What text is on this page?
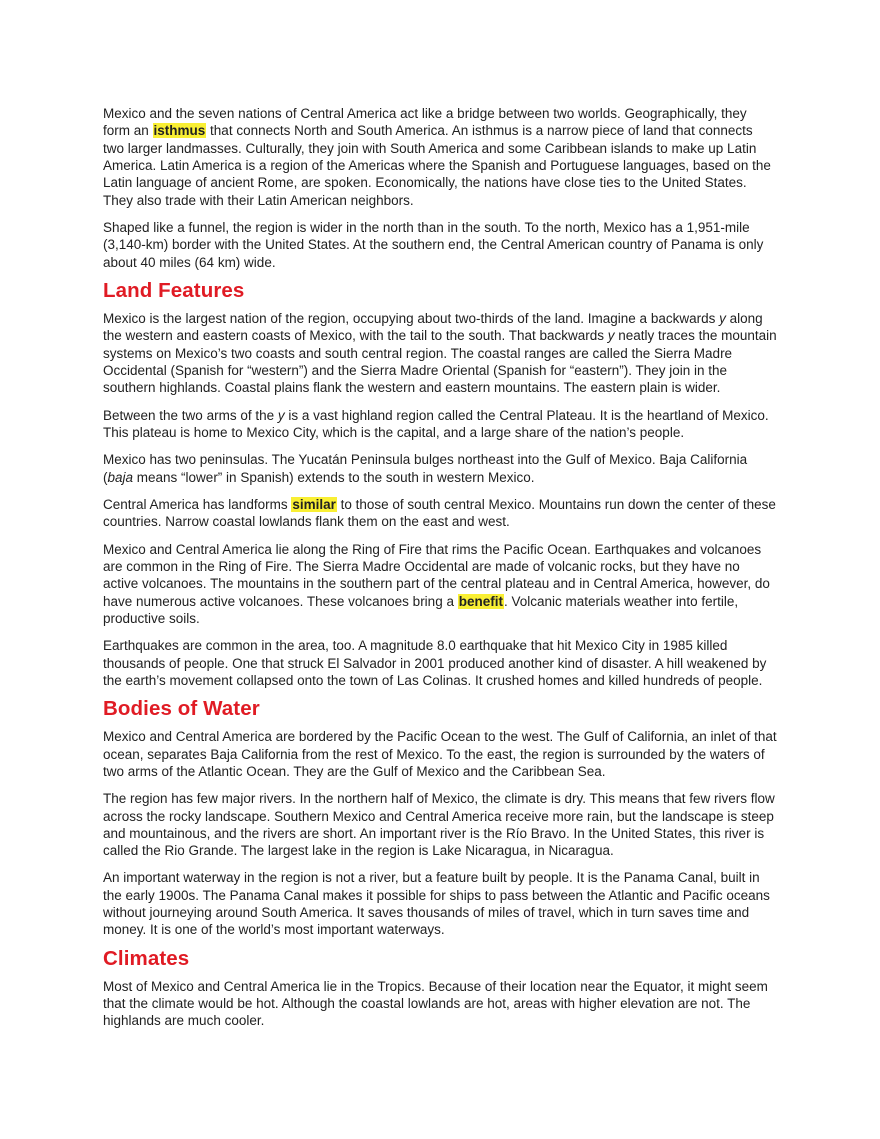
Mexico and the seven nations of Central America act like a bridge between two worlds. Geographically, they form an isthmus that connects North and South America. An isthmus is a narrow piece of land that connects two larger landmasses. Culturally, they join with South America and some Caribbean islands to make up Latin America. Latin America is a region of the Americas where the Spanish and Portuguese languages, based on the Latin language of ancient Rome, are spoken. Economically, the nations have close ties to the United States. They also trade with their Latin American neighbors.

Shaped like a funnel, the region is wider in the north than in the south. To the north, Mexico has a 1,951-mile (3,140-km) border with the United States. At the southern end, the Central American country of Panama is only about 40 miles (64 km) wide.

Land Features

Mexico is the largest nation of the region, occupying about two-thirds of the land. Imagine a backwards y along the western and eastern coasts of Mexico, with the tail to the south. That backwards y neatly traces the mountain systems on Mexico’s two coasts and south central region. The coastal ranges are called the Sierra Madre Occidental (Spanish for “western”) and the Sierra Madre Oriental (Spanish for “eastern”). They join in the southern highlands. Coastal plains flank the western and eastern mountains. The eastern plain is wider.

Between the two arms of the y is a vast highland region called the Central Plateau. It is the heartland of Mexico. This plateau is home to Mexico City, which is the capital, and a large share of the nation’s people.

Mexico has two peninsulas. The Yucatán Peninsula bulges northeast into the Gulf of Mexico. Baja California (baja means “lower” in Spanish) extends to the south in western Mexico.

Central America has landforms similar to those of south central Mexico. Mountains run down the center of these countries. Narrow coastal lowlands flank them on the east and west.

Mexico and Central America lie along the Ring of Fire that rims the Pacific Ocean. Earthquakes and volcanoes are common in the Ring of Fire. The Sierra Madre Occidental are made of volcanic rocks, but they have no active volcanoes. The mountains in the southern part of the central plateau and in Central America, however, do have numerous active volcanoes. These volcanoes bring a benefit. Volcanic materials weather into fertile, productive soils.

Earthquakes are common in the area, too. A magnitude 8.0 earthquake that hit Mexico City in 1985 killed thousands of people. One that struck El Salvador in 2001 produced another kind of disaster. A hill weakened by the earth’s movement collapsed onto the town of Las Colinas. It crushed homes and killed hundreds of people.

Bodies of Water

Mexico and Central America are bordered by the Pacific Ocean to the west. The Gulf of California, an inlet of that ocean, separates Baja California from the rest of Mexico. To the east, the region is surrounded by the waters of two arms of the Atlantic Ocean. They are the Gulf of Mexico and the Caribbean Sea.

The region has few major rivers. In the northern half of Mexico, the climate is dry. This means that few rivers flow across the rocky landscape. Southern Mexico and Central America receive more rain, but the landscape is steep and mountainous, and the rivers are short. An important river is the Río Bravo. In the United States, this river is called the Rio Grande. The largest lake in the region is Lake Nicaragua, in Nicaragua.

An important waterway in the region is not a river, but a feature built by people. It is the Panama Canal, built in the early 1900s. The Panama Canal makes it possible for ships to pass between the Atlantic and Pacific oceans without journeying around South America. It saves thousands of miles of travel, which in turn saves time and money. It is one of the world’s most important waterways.

Climates

Most of Mexico and Central America lie in the Tropics. Because of their location near the Equator, it might seem that the climate would be hot. Although the coastal lowlands are hot, areas with higher elevation are not. The highlands are much cooler.
